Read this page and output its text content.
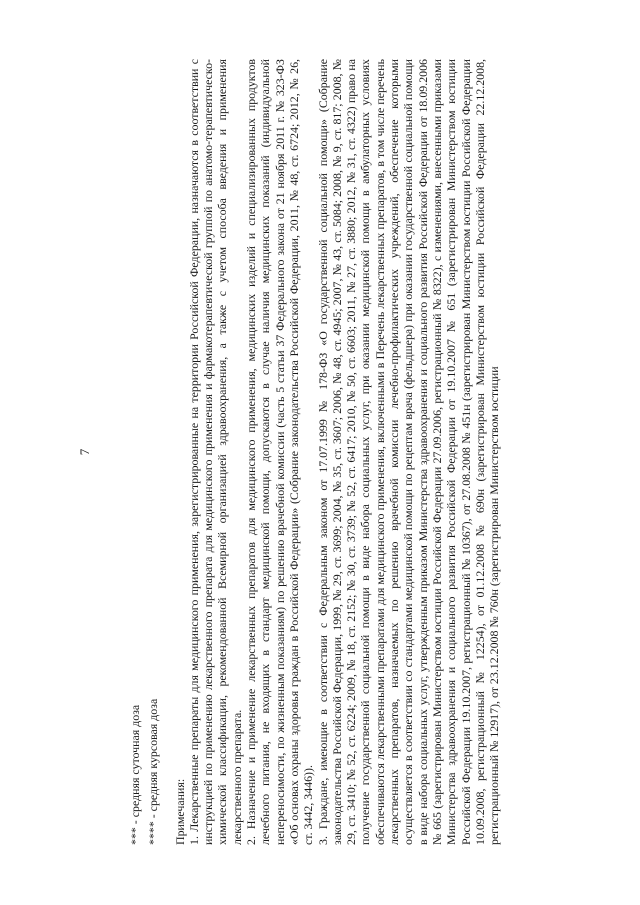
7

*** - средняя суточная доза **** - средняя курсовая доза Примечания: 1. Лекарственные препараты для медицинского применения, зарегистрированные на территории Российской Федерации, назначаются в соответствии с инструкцией по применению лекарственного препарата для медицинского применения и фармакотерапевтической группой по анатомо-терапевтическо-химической классификации, рекомендованной Всемирной организацией здравоохранения, а также с учетом способа введения и применения лекарственного препарата. 2. Назначение и применение лекарственных препаратов для медицинского применения, медицинских изделий и специализированных продуктов лечебного питания, не входящих в стандарт медицинской помощи, допускаются в случае наличия медицинских показаний (индивидуальной непереносимости, по жизненным показаниям) по решению врачебной комиссии (часть 5 статьи 37 Федерального закона от 21 ноября 2011 г. № 323-ФЗ «Об основах охраны здоровья граждан в Российской Федерации» (Собрание законодательства Российской Федерации, 2011, № 48, ст. 6724; 2012, № 26, ст. 3442, 3446)). 3. Граждане, имеющие в соответствии с Федеральным законом от 17.07.1999 № 178-ФЗ «О государственной социальной помощи» (Собрание законодательства Российской Федерации, 1999, № 29, ст. 3699; 2004, № 35, ст. 3607; 2006, № 48, ст. 4945; 2007, № 43, ст. 5084; 2008, № 9, ст. 817; 2008, № 29, ст. 3410; № 52, ст. 6224; 2009, № 18, ст. 2152; № 30, ст. 3739; № 52, ст. 6417; 2010, № 50, ст. 6603; 2011, № 27, ст. 3880; 2012, № 31, ст. 4322) право на получение государственной социальной помощи в виде набора социальных услуг, при оказании медицинской помощи в амбулаторных условиях обеспечиваются лекарственными препаратами для медицинского применения, включенными в Перечень лекарственных препаратов, в том числе перечень лекарственных препаратов, назначаемых по решению врачебной комиссии лечебно-профилактических учреждений, обеспечение которыми осуществляется в соответствии со стандартами медицинской помощи по рецептам врача (фельдшера) при оказании государственной социальной помощи в виде набора социальных услуг, утвержденным приказом Министерства здравоохранения и социального развития Российской Федерации от 18.09.2006 № 665 (зарегистрирован Министерством юстиции Российской Федерации 27.09.2006, регистрационный № 8322), с изменениями, внесенными приказами Министерства здравоохранения и социального развития Российской Федерации от 19.10.2007 № 651 (зарегистрирован Министерством юстиции Российской Федерации 19.10.2007, регистрационный № 10367), от 27.08.2008 № 451н (зарегистрирован Министерством юстиции Российской Федерации 10.09.2008, регистрационный № 12254), от 01.12.2008 № 690н (зарегистрирован Министерством юстиции Российской Федерации 22.12.2008, регистрационный № 12917), от 23.12.2008 № 760н (зарегистрирован Министерством юстиции
